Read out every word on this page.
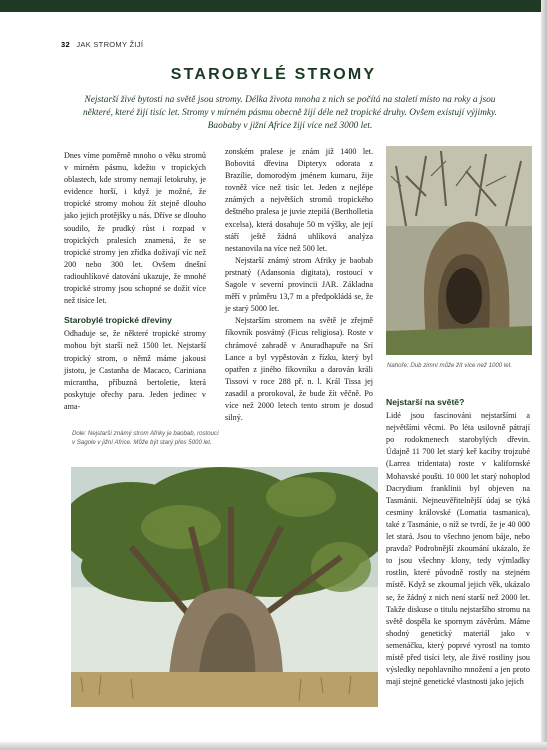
32 JAK STROMY ŽIJÍ
STAROBYLÉ STROMY
Nejstarší živé bytosti na světě jsou stromy. Délka života mnoha z nich se počítá na staletí místo na roky a jsou některé, které žijí tisíc let. Stromy v mírném pásmu obecně žijí déle než tropické druhy. Ovšem existují výjimky. Baobaby v jižní Africe žijí více než 3000 let.

Dnes víme poměrně mnoho o věku stromů v mírném pásmu, kdežto v tropických oblastech, kde stromy nemají letokruhy, je evidence horší, i když je možné, že tropické stromy mohou žít stejně dlouho jako jejich protějšky u nás. Dříve se dlouho soudilo, že prudký růst i rozpad v tropických pralesích znamená, že se tropické stromy jen zřídka dožívají víc než 200 nebo 300 let. Ovšem dnešní radiouhlíkové datování ukazuje, že mnohé tropické stromy jsou schopné se dožít více než tisíce let.

Starobylé tropické dřeviny

Odhaduje se, že některé tropické stromy mohou být starší než 1500 let. Nejstarší tropický strom, o němž máme jakousi jistotu, je Castanha de Macaco, Cariniana micrantha, příbuzná bertoletie, která poskytuje ořechy para. Jeden jedinec v ama-

Dole: Nejstarší známý strom Afriky je baobab, rostoucí v Sagole v jižní Africe. Může být starý přes 5000 let.

zonském pralese je znám již 1400 let. Bobovitá dřevina Dipteryx odorata z Brazílie, domorodým jménem kumaru, žije rovněž více než tisíc let. Jeden z nejlépe známých a největších stromů tropického deštného pralesa je juvie ztepilá (Bertholletia excelsa), která dosahuje 50 m výšky, ale její stáří ještě žádná uhlíková analýza nestanovila na více než 500 let.

Nejstarší známý strom Afriky je baobab prstnatý (Adansonia digitata), rostoucí v Sagole v severní provincii JAR. Základna měří v průměru 13,7 m a předpokládá se, že je starý 5000 let.

Nejstarším stromem na světě je zřejmě fíkovník posvátný (Ficus religiosa). Roste v chrámové zahradě v Anuradhapuře na Srí Lance a byl vypěstován z řízku, který byl opatřen z jiného fíkovníku a darován králi Tissovi v roce 288 př. n. l. Král Tissa jej zasadil a prorokoval, že bude žít věčně. Po více než 2000 letech tento strom je dosud silný.

Nahoře: Dub zimní může žít více než 1000 let.
Nejstarší na světě?

Lidé jsou fascinováni nejstaršími a největšími věcmi. Po léta usilovně pátrají po rodokmenech starobylých dřevin. Údajně 11 700 let starý keř kaciby trojzubé (Larrea tridentata) roste v kalifornské Mohavské poušti. 10 000 let starý nohoplod Dacrydium franklinii byl objeven na Tasmánii. Nejneuvěřitelnější údaj se týká cesminy královské (Lomatia tasmanica), také z Tasmánie, o níž se tvrdí, že je 40 000 let stará. Jsou to všechno jenom báje, nebo pravda? Podrobnější zkoumání ukázalo, že to jsou všechny klony, tedy výmladky rostlin, které původně rostly na stejném místě. Když se zkoumal jejich věk, ukázalo se, že žádný z nich není starší než 2000 let. Takže diskuse o titulu nejstaršího stromu na světě dospěla ke spornym závěrům. Máme shodný genetický materiál jako v semenáčku, který poprvé vyrostl na tomto místě před tisíci lety, ale živé rostliny jsou výsledky nepohlavního množení a jen proto mají stejné genetické vlastnosti jako jejich
